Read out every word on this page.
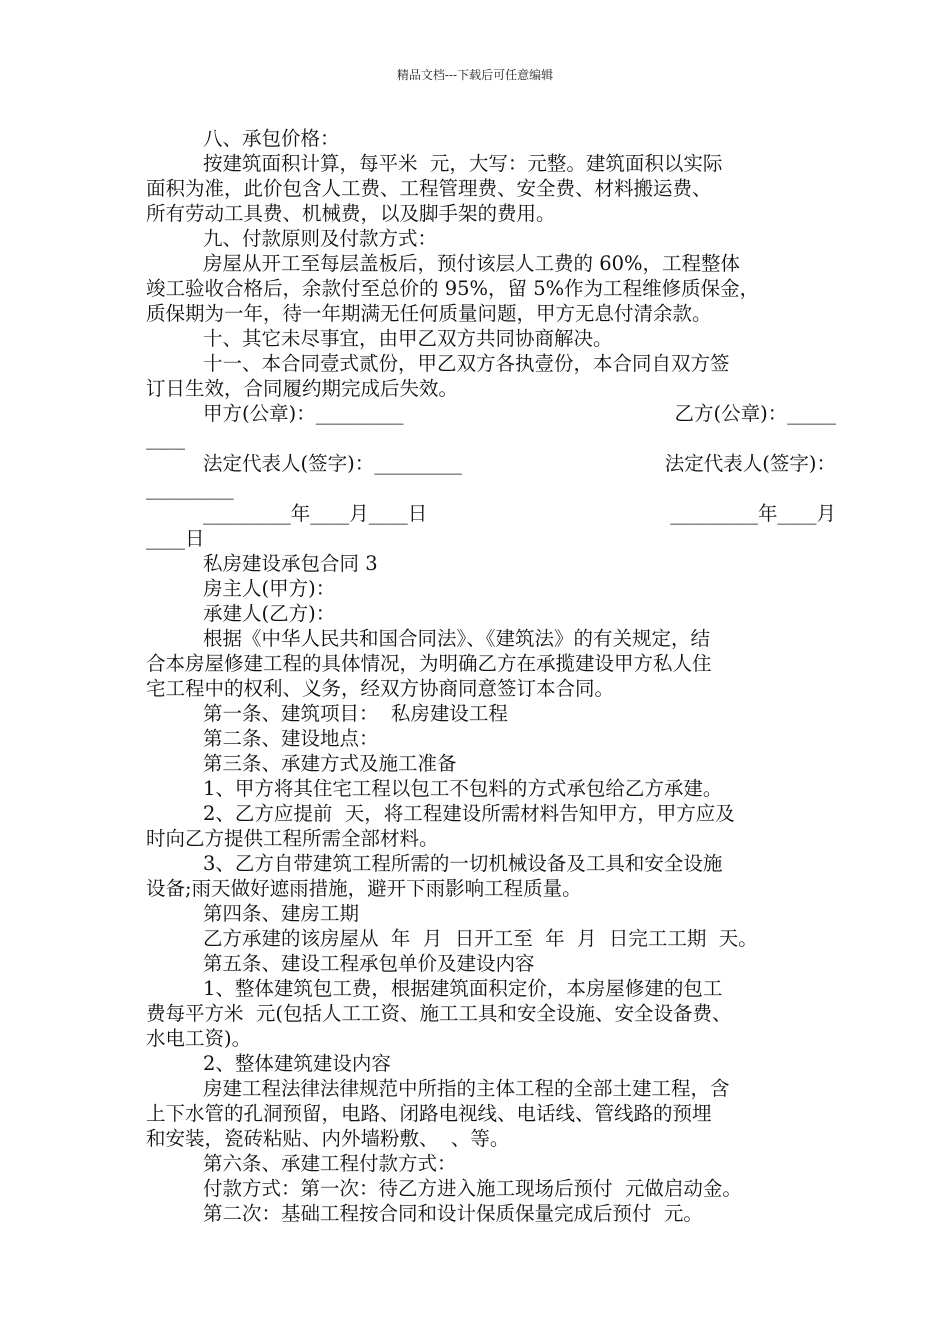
精品文档---下载后可任意编辑

八、承包价格：

按建筑面积计算，每平米  元，大写：元整。建筑面积以实际

面积为准，此价包含人工费、工程管理费、安全费、材料搬运费、

所有劳动工具费、机械费，以及脚手架的费用。

九、付款原则及付款方式：

房屋从开工至每层盖板后，预付该层人工费的 60%，工程整体

竣工验收合格后，余款付至总价的 95%，留 5%作为工程维修质保金，

质保期为一年，待一年期满无任何质量问题，甲方无息付清余款。

十、其它未尽事宜，由甲乙双方共同协商解决。

十一、本合同壹式贰份，甲乙双方各执壹份，本合同自双方签

订日生效，合同履约期完成后失效。

甲方(公章)：_________	乙方(公章)：_____

____

法定代表人(签字)：_________	法定代表人(签字)：

_________

_________年____月____日	_________年____月

____日

私房建设承包合同 3

房主人(甲方)：

承建人(乙方)：

根据《中华人民共和国合同法》、《建筑法》的有关规定，结

合本房屋修建工程的具体情况，为明确乙方在承揽建设甲方私人住

宅工程中的权利、义务，经双方协商同意签订本合同。

第一条、建筑项目：  私房建设工程

第二条、建设地点：

第三条、承建方式及施工准备

1、甲方将其住宅工程以包工不包料的方式承包给乙方承建。

2、乙方应提前  天，将工程建设所需材料告知甲方，甲方应及

时向乙方提供工程所需全部材料。

3、乙方自带建筑工程所需的一切机械设备及工具和安全设施

设备;雨天做好遮雨措施，避开下雨影响工程质量。

第四条、建房工期

乙方承建的该房屋从  年  月  日开工至  年  月  日完工工期  天。

第五条、建设工程承包单价及建设内容

1、整体建筑包工费，根据建筑面积定价，本房屋修建的包工

费每平方米  元(包括人工工资、施工工具和安全设施、安全设备费、

水电工资)。

2、整体建筑建设内容

房建工程法律法律规范中所指的主体工程的全部土建工程，含

上下水管的孔洞预留，电路、闭路电视线、电话线、管线路的预埋

和安装，瓷砖粘贴、内外墙粉敷、  、等。

第六条、承建工程付款方式：

付款方式：第一次：待乙方进入施工现场后预付  元做启动金。

第二次：基础工程按合同和设计保质保量完成后预付  元。
